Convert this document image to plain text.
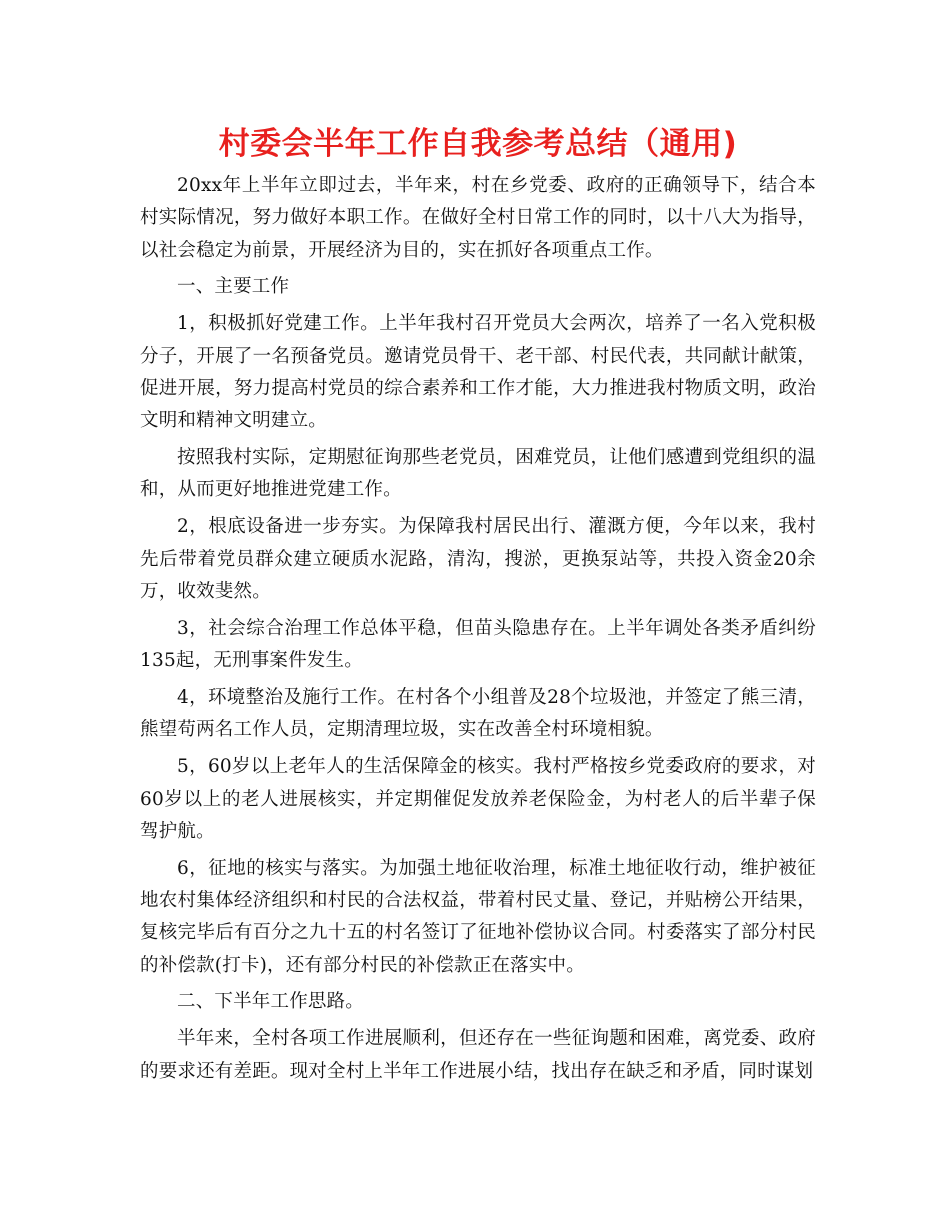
村委会半年工作自我参考总结（通用)

20xx年上半年立即过去，半年来，村在乡党委、政府的正确领导下，结合本村实际情况，努力做好本职工作。在做好全村日常工作的同时，以十八大为指导，以社会稳定为前景，开展经济为目的，实在抓好各项重点工作。

一、主要工作

1，积极抓好党建工作。上半年我村召开党员大会两次，培养了一名入党积极分子，开展了一名预备党员。邀请党员骨干、老干部、村民代表，共同献计献策，促进开展，努力提高村党员的综合素养和工作才能，大力推进我村物质文明，政治文明和精神文明建立。

按照我村实际，定期慰征询那些老党员，困难党员，让他们感遭到党组织的温和，从而更好地推进党建工作。

2，根底设备进一步夯实。为保障我村居民出行、灌溉方便，今年以来，我村先后带着党员群众建立硬质水泥路，清沟，搜淤，更换泵站等，共投入资金20余万，收效斐然。

3，社会综合治理工作总体平稳，但苗头隐患存在。上半年调处各类矛盾纠纷135起，无刑事案件发生。

4，环境整治及施行工作。在村各个小组普及28个垃圾池，并签定了熊三清，熊望苟两名工作人员，定期清理垃圾，实在改善全村环境相貌。

5，60岁以上老年人的生活保障金的核实。我村严格按乡党委政府的要求，对60岁以上的老人进展核实，并定期催促发放养老保险金，为村老人的后半辈子保驾护航。

6，征地的核实与落实。为加强土地征收治理，标准土地征收行动，维护被征地农村集体经济组织和村民的合法权益，带着村民丈量、登记，并贴榜公开结果，复核完毕后有百分之九十五的村名签订了征地补偿协议合同。村委落实了部分村民的补偿款(打卡)，还有部分村民的补偿款正在落实中。

二、下半年工作思路。

半年来，全村各项工作进展顺利，但还存在一些征询题和困难，离党委、政府的要求还有差距。现对全村上半年工作进展小结，找出存在缺乏和矛盾，同时谋划
